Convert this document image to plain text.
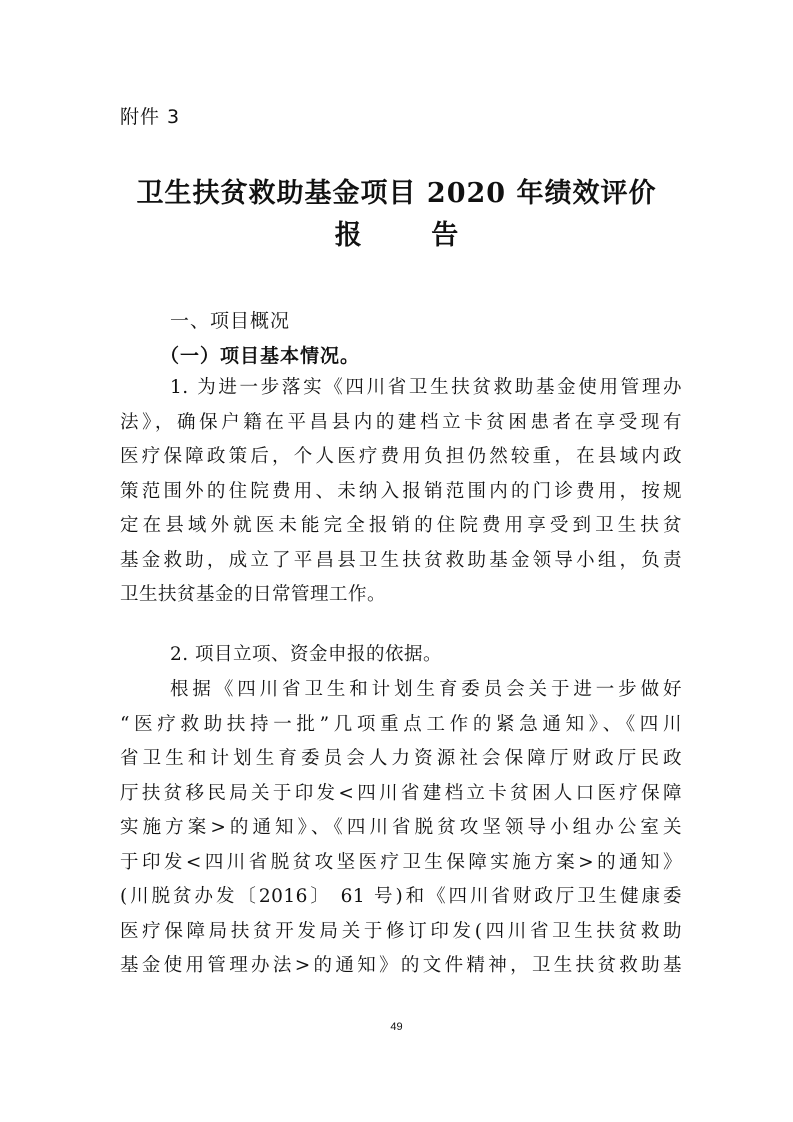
附件 3
卫生扶贫救助基金项目 2020 年绩效评价
报 告
一、项目概况
（一）项目基本情况。
1. 为进一步落实《四川省卫生扶贫救助基金使用管理办
法》，确保户籍在平昌县内的建档立卡贫困患者在享受现有
医疗保障政策后，个人医疗费用负担仍然较重，在县域内政
策范围外的住院费用、未纳入报销范围内的门诊费用，按规
定在县域外就医未能完全报销的住院费用享受到卫生扶贫
基金救助，成立了平昌县卫生扶贫救助基金领导小组，负责
卫生扶贫基金的日常管理工作。
2. 项目立项、资金申报的依据。
根据《四川省卫生和计划生育委员会关于进一步做好
“医疗救助扶持一批”几项重点工作的紧急通知》、《四川
省卫生和计划生育委员会人力资源社会保障厅财政厅民政
厅扶贫移民局关于印发<四川省建档立卡贫困人口医疗保障
实施方案>的通知》、《四川省脱贫攻坚领导小组办公室关
于印发<四川省脱贫攻坚医疗卫生保障实施方案>的通知》
(川脱贫办发〔2016〕 61 号)和《四川省财政厅卫生健康委
医疗保障局扶贫开发局关于修订印发(四川省卫生扶贫救助
基金使用管理办法>的通知》的文件精神，卫生扶贫救助基
49
